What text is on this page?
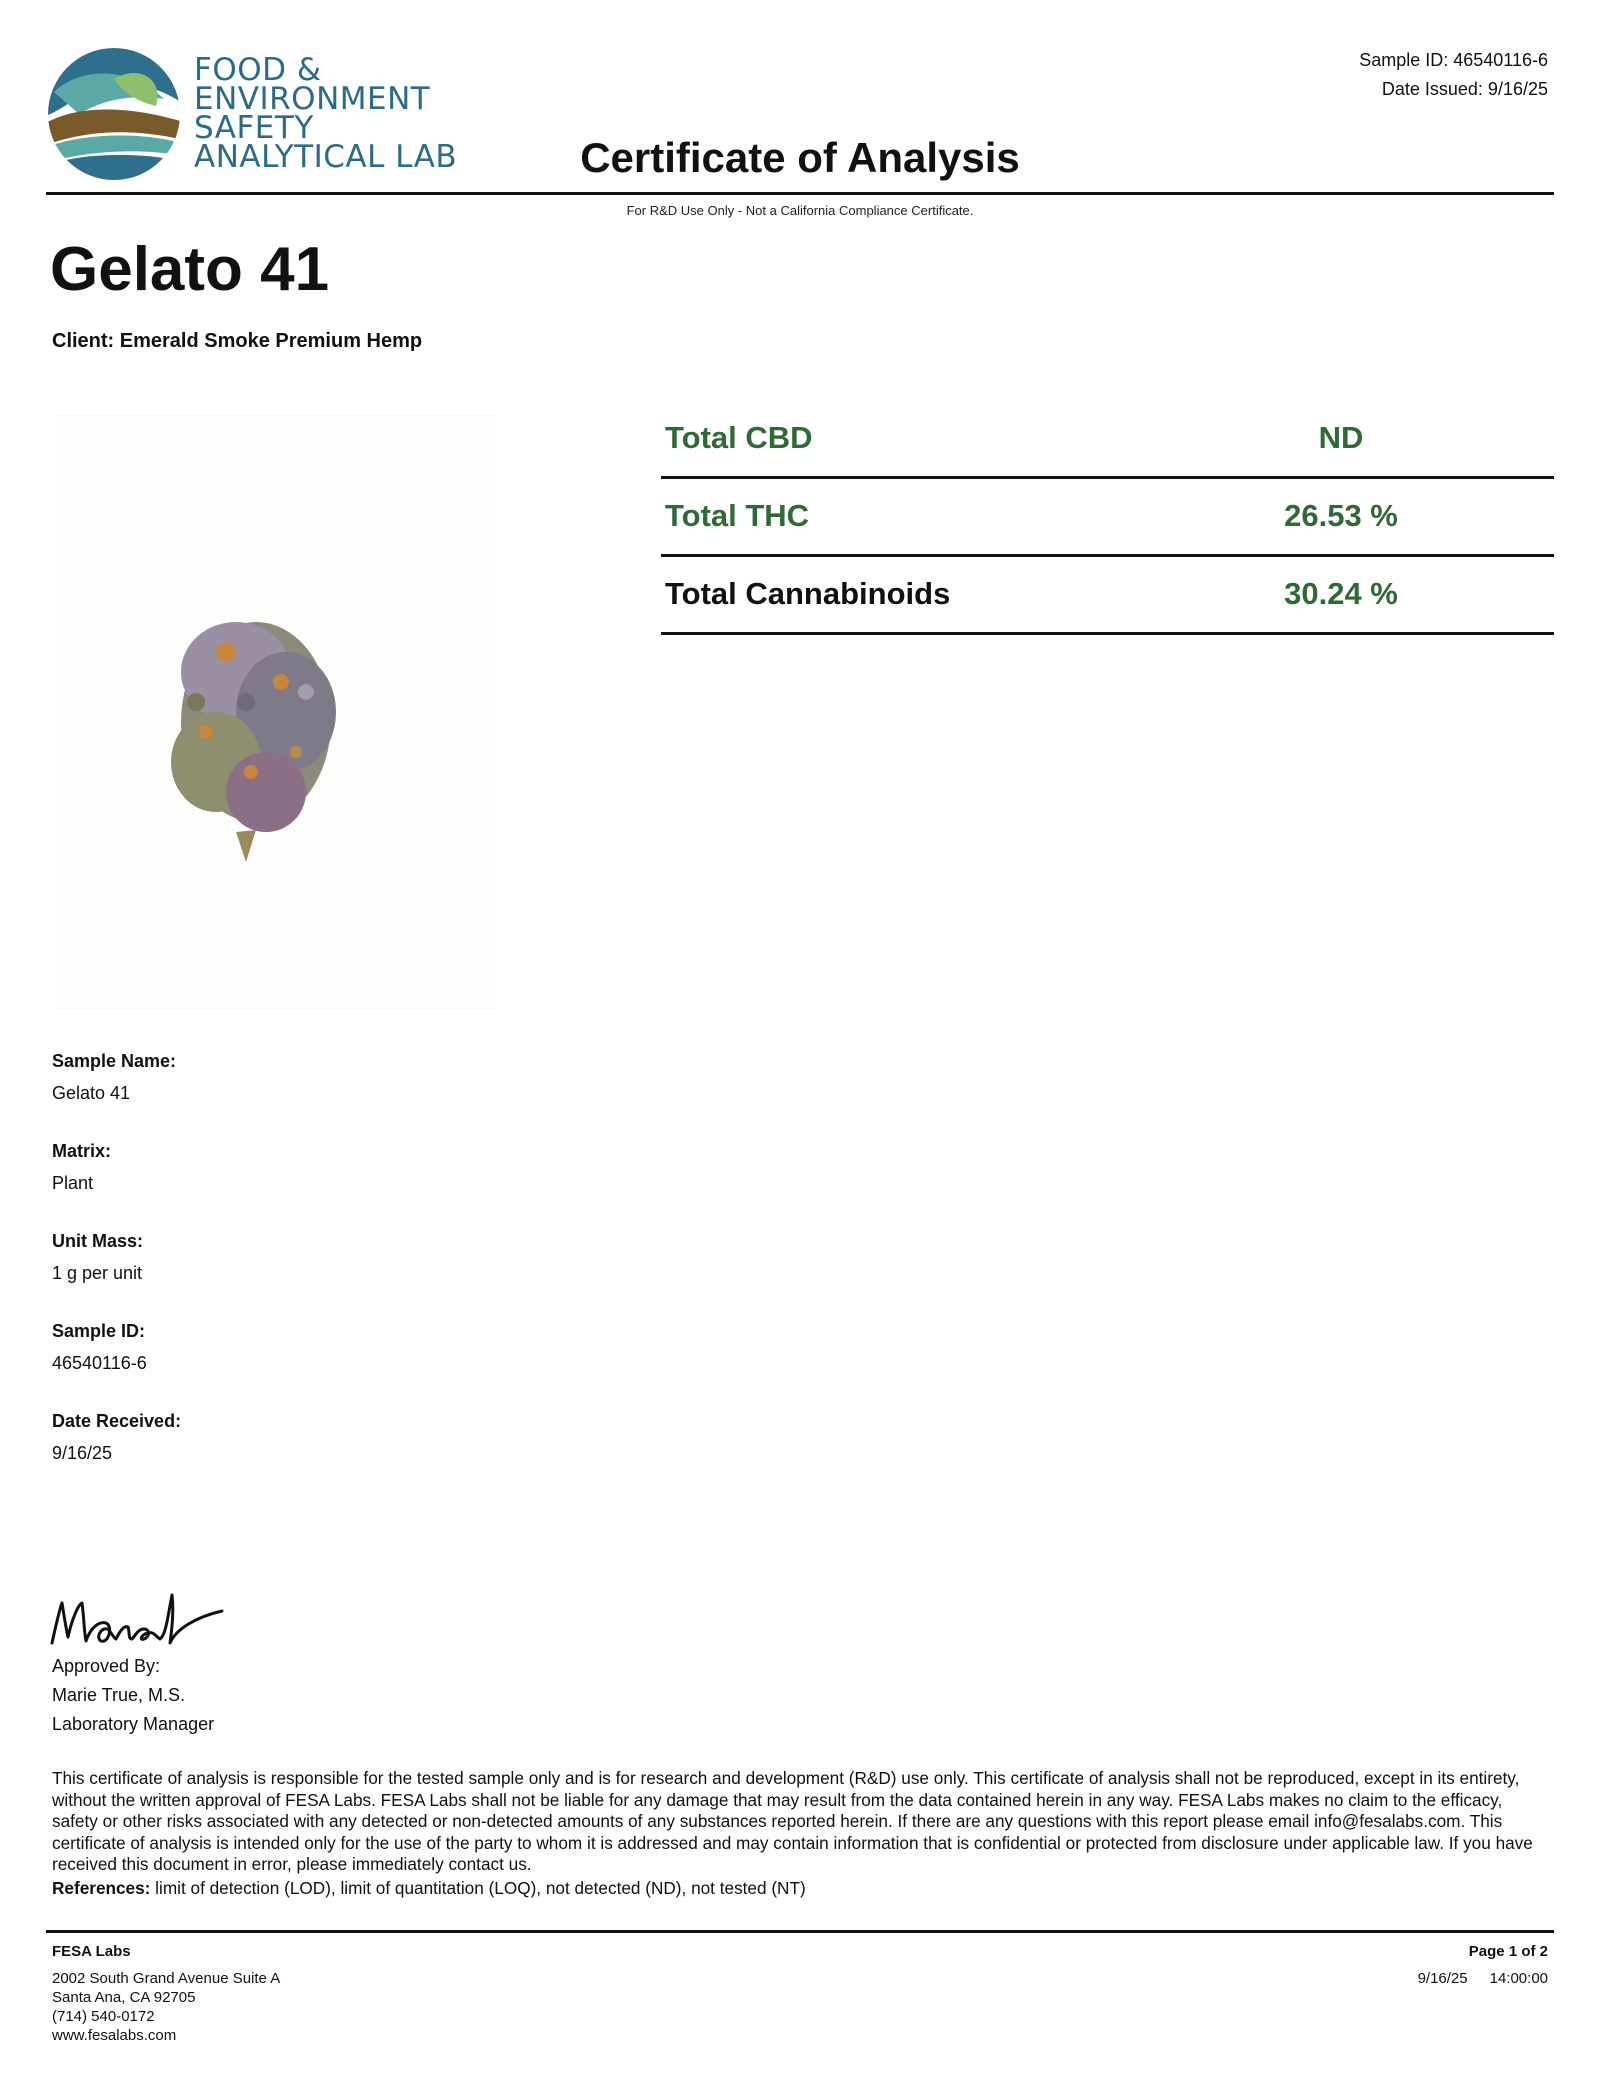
FOOD &
ENVIRONMENT
SAFETY
ANALYTICAL LAB
Sample ID: 46540116-6
Date Issued: 9/16/25
Certificate of Analysis
For R&D Use Only - Not a California Compliance Certificate.
Gelato 41
Client: Emerald Smoke Premium Hemp
Total CBD	ND
Total THC	26.53 %
Total Cannabinoids	30.24 %
Sample Name:
Gelato 41
Matrix:
Plant
Unit Mass:
1 g per unit
Sample ID:
46540116-6
Date Received:
9/16/25
Approved By:
Marie True, M.S.
Laboratory Manager
This certificate of analysis is responsible for the tested sample only and is for research and development (R&D) use only. This certificate of analysis shall not be reproduced, except in its entirety, without the written approval of FESA Labs. FESA Labs shall not be liable for any damage that may result from the data contained herein in any way. FESA Labs makes no claim to the efficacy, safety or other risks associated with any detected or non-detected amounts of any substances reported herein. If there are any questions with this report please email info@fesalabs.com. This certificate of analysis is intended only for the use of the party to whom it is addressed and may contain information that is confidential or protected from disclosure under applicable law. If you have received this document in error, please immediately contact us.
References: limit of detection (LOD), limit of quantitation (LOQ), not detected (ND), not tested (NT)
FESA Labs
2002 South Grand Avenue Suite A
Santa Ana, CA 92705
(714) 540-0172
www.fesalabs.com
Page 1 of 2
9/16/25 14:00:00
